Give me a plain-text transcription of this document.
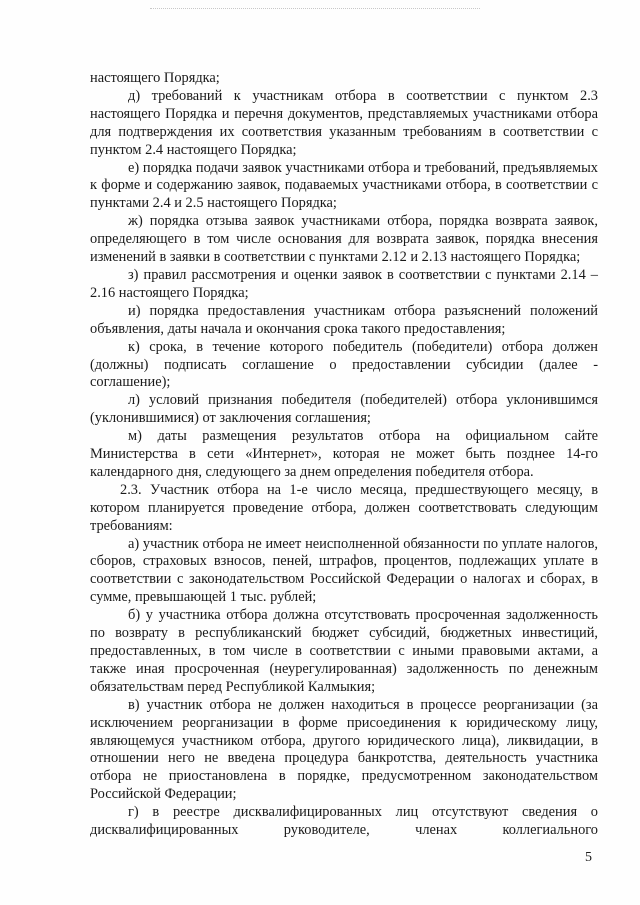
настоящего Порядка;

д) требований к участникам отбора в соответствии с пунктом 2.3 настоящего Порядка и перечня документов, представляемых участниками отбора для подтверждения их соответствия указанным требованиям в соответствии с пунктом 2.4 настоящего Порядка;

е) порядка подачи заявок участниками отбора и требований, предъявляемых к форме и содержанию заявок, подаваемых участниками отбора, в соответствии с пунктами 2.4 и 2.5 настоящего Порядка;

ж) порядка отзыва заявок участниками отбора, порядка возврата заявок, определяющего в том числе основания для возврата заявок, порядка внесения изменений в заявки в соответствии с пунктами 2.12 и 2.13 настоящего Порядка;

з) правил рассмотрения и оценки заявок в соответствии с пунктами 2.14 – 2.16 настоящего Порядка;

и) порядка предоставления участникам отбора разъяснений положений объявления, даты начала и окончания срока такого предоставления;

к) срока, в течение которого победитель (победители) отбора должен (должны) подписать соглашение о предоставлении субсидии (далее - соглашение);

л) условий признания победителя (победителей) отбора уклонившимся (уклонившимися) от заключения соглашения;

м) даты размещения результатов отбора на официальном сайте Министерства в сети «Интернет», которая не может быть позднее 14-го календарного дня, следующего за днем определения победителя отбора.

2.3. Участник отбора на 1-е число месяца, предшествующего месяцу, в котором планируется проведение отбора, должен соответствовать следующим требованиям:

а) участник отбора не имеет неисполненной обязанности по уплате налогов, сборов, страховых взносов, пеней, штрафов, процентов, подлежащих уплате в соответствии с законодательством Российской Федерации о налогах и сборах, в сумме, превышающей 1 тыс. рублей;

б) у участника отбора должна отсутствовать просроченная задолженность по возврату в республиканский бюджет субсидий, бюджетных инвестиций, предоставленных, в том числе в соответствии с иными правовыми актами, а также иная просроченная (неурегулированная) задолженность по денежным обязательствам перед Республикой Калмыкия;

в) участник отбора не должен находиться в процессе реорганизации (за исключением реорганизации в форме присоединения к юридическому лицу, являющемуся участником отбора, другого юридического лица), ликвидации, в отношении него не введена процедура банкротства, деятельность участника отбора не приостановлена в порядке, предусмотренном законодательством Российской Федерации;

г) в реестре дисквалифицированных лиц отсутствуют сведения о дисквалифицированных руководителе, членах коллегиального

5
